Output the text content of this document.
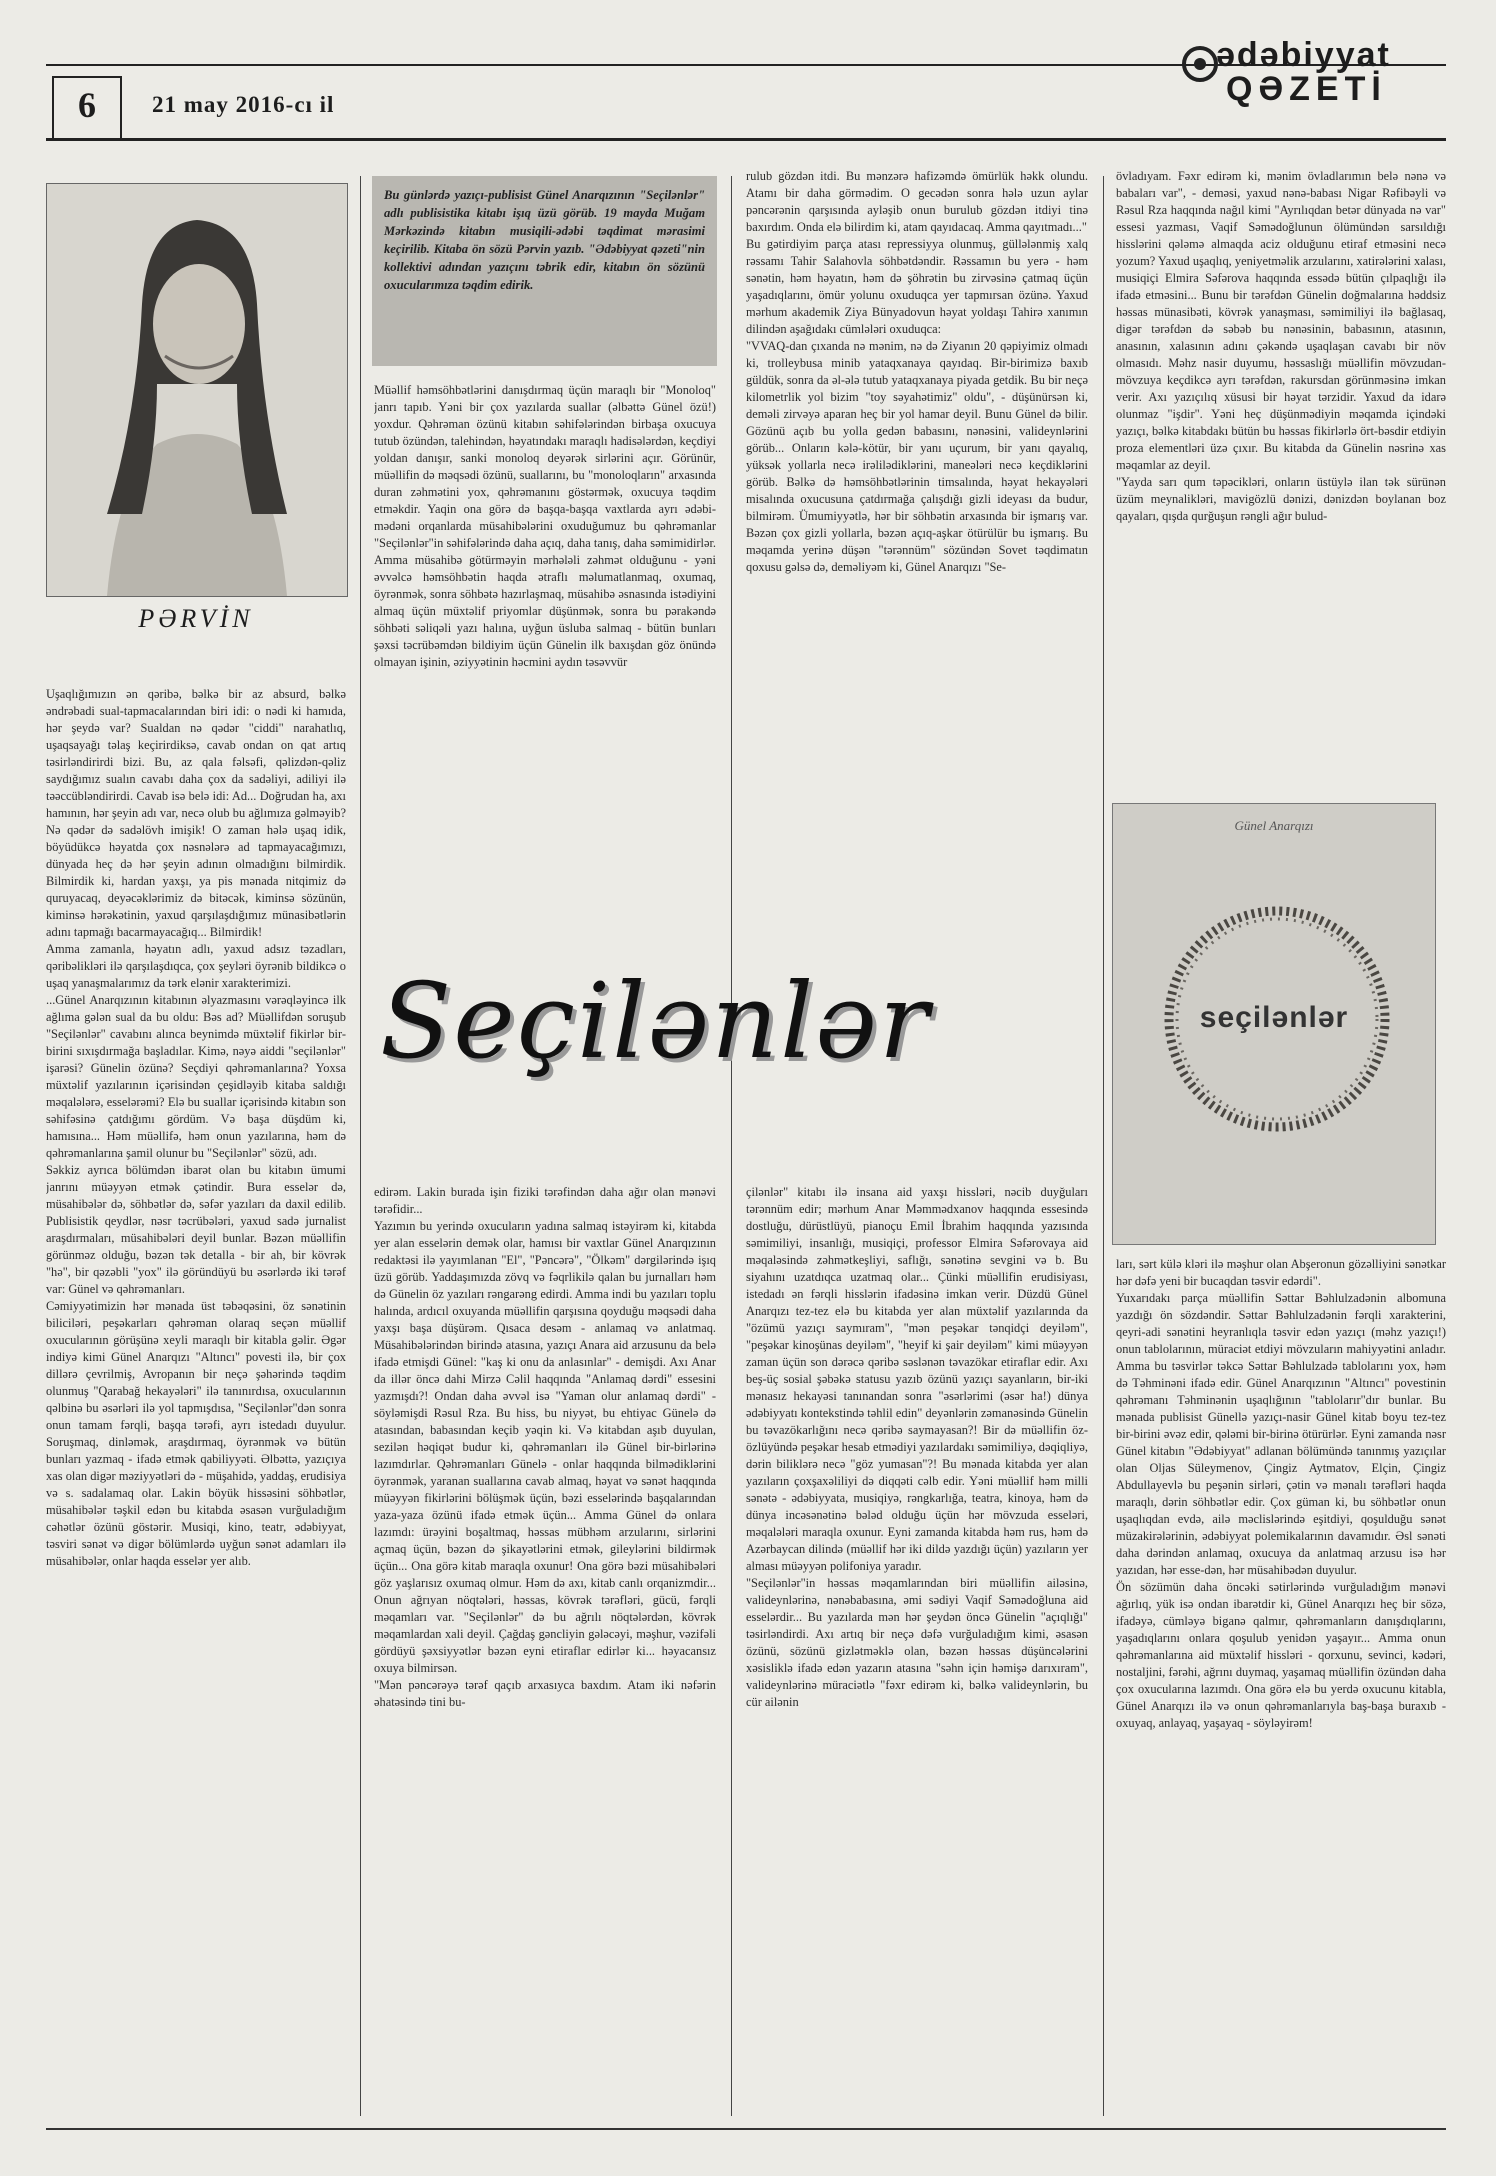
6	21 may 2016-cı il
ədəbiyyat
QƏZETİ
PƏRVİN

Bu günlərdə yazıçı-publisist Günel Anarqızının "Seçilənlər" adlı publisistika kitabı işıq üzü görüb. 19 mayda Muğam Mərkəzində kitabın musiqili-ədəbi təqdimat mərasimi keçirilib. Kitaba ön sözü Pərvin yazıb. "Ədəbiyyat qəzeti"nin kollektivi adından yazıçını təbrik edir, kitabın ön sözünü oxucularımıza təqdim edirik.

Uşaqlığımızın ən qəribə, bəlkə bir az absurd, bəlkə əndrəbadi sual-tapmacalarından biri idi: o nədi ki hamıda, hər şeydə var? Sualdan nə qədər "ciddi" narahatlıq, uşaqsayağı təlaş keçirirdiksə, cavab ondan on qat artıq təsirləndirirdi bizi. Bu, az qala fəlsəfi, qəlizdən-qəliz saydığımız sualın cavabı daha çox da sadəliyi, adiliyi ilə təəccübləndirirdi. Cavab isə belə idi: Ad... Doğrudan ha, axı hamının, hər şeyin adı var, necə olub bu ağlımıza gəlməyib? Nə qədər də sadəlövh imişik! O zaman hələ uşaq idik, böyüdükcə həyatda çox nəsnələrə ad tapmayacağımızı, dünyada heç də hər şeyin adının olmadığını bilmirdik. Bilmirdik ki, hardan yaxşı, ya pis mənada nitqimiz də quruyacaq, deyəcəklərimiz də bitəcək, kiminsə sözünün, kiminsə hərəkətinin, yaxud qarşılaşdığımız münasibətlərin adını tapmağı bacarmayacağıq... Bilmirdik!
Amma zamanla, həyatın adlı, yaxud adsız təzadları, qəribəlikləri ilə qarşılaşdıqca, çox şeyləri öyrənib bildikcə o uşaq yanaşmalarımız da tərk elənir xarakterimizi.
...Günel Anarqızının kitabının əlyazmasını vərəqləyincə ilk ağlıma gələn sual da bu oldu: Bəs ad? Müəllifdən soruşub "Seçilənlər" cavabını alınca beynimdə müxtəlif fikirlər bir-birini sıxışdırmağa başladılar. Kimə, nəyə aiddi "seçilənlər" işarəsi? Günelin özünə? Seçdiyi qəhrəmanlarına? Yoxsa müxtəlif yazılarının içərisindən çeşidləyib kitaba saldığı məqalələrə, esselərəmi? Elə bu suallar içərisində kitabın son səhifəsinə çatdığımı gördüm. Və başa düşdüm ki, hamısına... Həm müəllifə, həm onun yazılarına, həm də qəhrəmanlarına şamil olunur bu "Seçilənlər" sözü, adı.
Səkkiz ayrıca bölümdən ibarət olan bu kitabın ümumi janrını müəyyən etmək çətindir. Bura esselər də, müsahibələr də, söhbətlər də, səfər yazıları da daxil edilib. Publisistik qeydlər, nəsr təcrübələri, yaxud sadə jurnalist araşdırmaları, müsahibələri deyil bunlar. Bəzən müəllifin görünməz olduğu, bəzən tək detalla - bir ah, bir kövrək "hə", bir qəzəbli "yox" ilə göründüyü bu əsərlərdə iki tərəf var: Günel və qəhrəmanları.
Cəmiyyətimizin hər mənada üst təbəqəsini, öz sənətinin biliciləri, peşəkarları qəhrəman olaraq seçən müəllif oxucularının görüşünə xeyli maraqlı bir kitabla gəlir. Əgər indiyə kimi Günel Anarqızı "Altıncı" povesti ilə, bir çox dillərə çevrilmiş, Avropanın bir neçə şəhərində təqdim olunmuş "Qarabağ hekayələri" ilə tanınırdısa, oxucularının qəlbinə bu əsərləri ilə yol tapmışdısa, "Seçilənlər"dən sonra onun tamam fərqli, başqa tərəfi, ayrı istedadı duyulur. Soruşmaq, dinləmək, araşdırmaq, öyrənmək və bütün bunları yazmaq - ifadə etmək qabiliyyəti. Əlbəttə, yazıçıya xas olan digər məziyyətləri də - müşahidə, yaddaş, erudisiya və s. sadalamaq olar. Lakin böyük hissəsini söhbətlər, müsahibələr təşkil edən bu kitabda əsasən vurğuladığım cəhətlər özünü göstərir. Musiqi, kino, teatr, ədəbiyyat, təsviri sənət və digər bölümlərdə uyğun sənət adamları ilə müsahibələr, onlar haqda esselər yer alıb.

Müəllif həmsöhbətlərini danışdırmaq üçün maraqlı bir "Monoloq" janrı tapıb. Yəni bir çox yazılarda suallar (əlbəttə Günel özü!) yoxdur. Qəhrəman özünü kitabın səhifələrindən birbaşa oxucuya tutub özündən, talehindən, həyatındakı maraqlı hadisələrdən, keçdiyi yoldan danışır, sanki monoloq deyərək sirlərini açır. Görünür, müəllifin də məqsədi özünü, suallarını, bu "monoloqların" arxasında duran zəhmətini yox, qəhrəmanını göstərmək, oxucuya təqdim etməkdir. Yaqin ona görə də başqa-başqa vaxtlarda ayrı ədəbi-mədəni orqanlarda müsahibələrini oxuduğumuz bu qəhrəmanlar "Seçilənlər"in səhifələrində daha açıq, daha tanış, daha səmimidirlər. Amma müsahibə götürməyin mərhələli zəhmət olduğunu - yəni əvvəlcə həmsöhbətin haqda ətraflı məlumatlanmaq, oxumaq, öyrənmək, sonra söhbətə hazırlaşmaq, müsahibə əsnasında istədiyini almaq üçün müxtəlif priyomlar düşünmək, sonra bu pərakəndə söhbəti səliqəli yazı halına, uyğun üsluba salmaq - bütün bunları şəxsi təcrübəmdən bildiyim üçün Günelin ilk baxışdan göz önündə olmayan işinin, əziyyətinin həcmini aydın təsəvvür

edirəm. Lakin burada işin fiziki tərəfindən daha ağır olan mənəvi tərəfidir...
Yazımın bu yerində oxucuların yadına salmaq istəyirəm ki, kitabda yer alan esselərin demək olar, hamısı bir vaxtlar Günel Anarqızının redaktəsi ilə yayımlanan "El", "Pəncərə", "Ölkəm" dərgilərində işıq üzü görüb. Yaddaşımızda zövq və fəqrlikilə qalan bu jurnalları həm də Günelin öz yazıları rəngarəng edirdi. Amma indi bu yazıları toplu halında, ardıcıl oxuyanda müəllifin qarşısına qoyduğu məqsədi daha yaxşı başa düşürəm. Qısaca desəm - anlamaq və anlatmaq. Müsahibələrindən birində atasına, yazıçı Anara aid arzusunu da belə ifadə etmişdi Günel: "kaş ki onu da anlasınlar" - demişdi. Axı Anar da illər öncə dahi Mirzə Cəlil haqqında "Anlamaq dərdi" essesini yazmışdı?! Ondan daha əvvəl isə "Yaman olur anlamaq dərdi" - söyləmişdi Rəsul Rza. Bu hiss, bu niyyət, bu ehtiyac Günelə də atasından, babasından keçib yəqin ki. Və kitabdan aşıb duyulan, sezilən həqiqət budur ki, qəhrəmanları ilə Günel bir-birlərinə lazımdırlar. Qəhrəmanları Günelə - onlar haqqında bilmədiklərini öyrənmək, yaranan suallarına cavab almaq, həyat və sənət haqqında müəyyən fikirlərini bölüşmək üçün, bəzi esselərində başqalarından yaza-yaza özünü ifadə etmək üçün... Amma Günel də onlara lazımdı: ürəyini boşaltmaq, həssas mübhəm arzularını, sirlərini açmaq üçün, bəzən də şikayətlərini etmək, gileylərini bildirmək üçün... Ona görə kitab maraqla oxunur! Ona görə bəzi müsahibələri göz yaşlarısız oxumaq olmur. Həm də axı, kitab canlı orqanizmdir... Onun ağrıyan nöqtələri, həssas, kövrək tərəfləri, gücü, fərqli məqamları var. "Seçilənlər" də bu ağrılı nöqtələrdən, kövrək məqamlardan xali deyil. Çağdaş gəncliyin gələcəyi, məşhur, vəzifəli gördüyü şəxsiyyətlər bəzən eyni etiraflar edirlər ki... həyacansız oxuya bilmirsən.
"Mən pəncərəyə tərəf qaçıb arxasıyca baxdım. Atam iki nəfərin əhatəsində tini bu-

rulub gözdən itdi. Bu mənzərə hafizəmdə ömürlük həkk olundu. Atamı bir daha görmədim. O gecədən sonra hələ uzun aylar pəncərənin qarşısında ayləşib onun burulub gözdən itdiyi tinə baxırdım. Onda elə bilirdim ki, atam qayıdacaq. Amma qayıtmadı..."
Bu gətirdiyim parça atası repressiyya olunmuş, güllələnmiş xalq rəssamı Tahir Salahovla söhbətdəndir. Rəssamın bu yerə - həm sənətin, həm həyatın, həm də şöhrətin bu zirvəsinə çatmaq üçün yaşadıqlarını, ömür yolunu oxuduqca yer tapmırsan özünə. Yaxud mərhum akademik Ziya Bünyadovun həyat yoldaşı Tahirə xanımın dilindən aşağıdakı cümlələri oxuduqca:
"VVAQ-dan çıxanda nə mənim, nə də Ziyanın 20 qəpiyimiz olmadı ki, trolleybusa minib yataqxanaya qayıdaq. Bir-birimizə baxıb güldük, sonra da əl-ələ tutub yataqxanaya piyada getdik. Bu bir neçə kilometrlik yol bizim "toy səyahətimiz" oldu", - düşünürsən ki, deməli zirvəyə aparan heç bir yol hamar deyil. Bunu Günel də bilir. Gözünü açıb bu yolla gedən babasını, nənəsini, valideynlərini görüb... Onların kələ-kötür, bir yanı uçurum, bir yanı qayalıq, yüksək yollarla necə irəlilədiklərini, maneələri necə keçdiklərini görüb. Bəlkə də həmsöhbətlərinin timsalında, həyat hekayələri misalında oxucusuna çatdırmağa çalışdığı gizli ideyası da budur, bilmirəm. Ümumiyyətlə, hər bir söhbətin arxasında bir işmarış var. Bəzən çox gizli yollarla, bəzən açıq-aşkar ötürülür bu işmarış. Bu məqamda yerinə düşən "tərənnüm" sözündən Sovet təqdimatın qoxusu gəlsə də, deməliyəm ki, Günel Anarqızı "Se-

çilənlər" kitabı ilə insana aid yaxşı hissləri, nəcib duyğuları tərənnüm edir; mərhum Anar Məmmədxanov haqqında essesində dostluğu, dürüstlüyü, pianoçu Emil İbrahim haqqında yazısında səmimiliyi, insanlığı, musiqiçi, professor Elmira Səfərovaya aid məqaləsində zəhmətkeşliyi, saflığı, sənətinə sevgini və b. Bu siyahını uzatdıqca uzatmaq olar... Çünki müəllifin erudisiyası, istedadı ən fərqli hisslərin ifadəsinə imkan verir. Düzdü Günel Anarqızı tez-tez elə bu kitabda yer alan müxtəlif yazılarında da "özümü yazıçı saymıram", "mən peşəkar tənqidçi deyiləm", "peşəkar kinoşünas deyiləm", "heyif ki şair deyiləm" kimi müəyyən zaman üçün son dərəcə qəribə səslənən təvazökar etiraflar edir. Axı beş-üç sosial şəbəkə statusu yazıb özünü yazıçı sayanların, bir-iki mənasız hekayəsi tanınandan sonra "əsərlərimi (əsər ha!) dünya ədəbiyyatı kontekstində təhlil edin" deyənlərin zəmanəsində Günelin bu təvazökarlığını necə qəribə saymayasan?! Bir də müəllifin öz-özlüyündə peşəkar hesab etmədiyi yazılardakı səmimiliyə, dəqiqliyə, dərin biliklərə necə "göz yumasan"?! Bu mənada kitabda yer alan yazıların çoxşaxəliliyi də diqqəti cəlb edir. Yəni müəllif həm milli sənətə - ədəbiyyata, musiqiyə, rəngkarlığa, teatra, kinoya, həm də dünya incəsənətinə bələd olduğu üçün hər mövzuda esseləri, məqalələri maraqla oxunur. Eyni zamanda kitabda həm rus, həm də Azərbaycan dilində (müəllif hər iki dildə yazdığı üçün) yazıların yer alması müəyyən polifoniya yaradır.
"Seçilənlər"in həssas məqamlarından biri müəllifin ailəsinə, valideynlərinə, nənəbabasına, əmi sədiyi Vaqif Səmədoğluna aid esselərdir... Bu yazılarda mən hər şeydən öncə Günelin "açıqlığı" təsirləndirdi. Axı artıq bir neçə dəfə vurğuladığım kimi, əsasən özünü, sözünü gizlətməklə olan, bəzən həssas düşüncələrini xəsisliklə ifadə edən yazarın atasına "səhn için həmişə darıxıram", valideynlərinə müraciətlə "fəxr edirəm ki, bəlkə valideynlərin, bu cür ailənin

övladıyam. Fəxr edirəm ki, mənim övladlarımın belə nənə və babaları var", - deməsi, yaxud nənə-babası Nigar Rəfibəyli və Rəsul Rza haqqında nağıl kimi "Ayrılıqdan betər dünyada nə var" essesi yazması, Vaqif Səmədoğlunun ölümündən sarsıldığı hisslərini qələmə almaqda aciz olduğunu etiraf etməsini necə yozum? Yaxud uşaqlıq, yeniyetməlik arzularını, xatirələrini xalası, musiqiçi Elmira Səfərova haqqında essədə bütün çılpaqlığı ilə ifadə etməsini... Bunu bir tərəfdən Günelin doğmalarına həddsiz həssas münasibəti, kövrək yanaşması, səmimiliyi ilə bağlasaq, digər tərəfdən də səbəb bu nənəsinin, babasının, atasının, anasının, xalasının adını çəkəndə uşaqlaşan cavabı bir növ olmasıdı. Məhz nasir duyumu, həssaslığı müəllifin mövzudan-mövzuya keçdikcə ayrı tərəfdən, rakursdan görünməsinə imkan verir. Axı yazıçılıq xüsusi bir həyat tərzidir. Yaxud da idarə olunmaz "işdir". Yəni heç düşünmədiyin məqamda içindəki yazıçı, bəlkə kitabdakı bütün bu həssas fikirlərlə ört-bəsdir etdiyin proza elementləri üzə çıxır. Bu kitabda da Günelin nəsrinə xas məqamlar az deyil.
"Yayda sarı qum təpəcikləri, onların üstüylə ilan tək sürünən üzüm meynalikləri, mavigözlü dənizi, dənizdən boylanan boz qayaları, qışda qurğuşun rəngli ağır bulud-

ları, sərt külə kləri ilə məşhur olan Abşeronun gözəlliyini sənətkar hər dəfə yeni bir bucaqdan təsvir edərdi".
Yuxarıdakı parça müəllifin Səttar Bəhlulzadənin albomuna yazdığı ön sözdəndir. Səttar Bəhlulzadənin fərqli xarakterini, qeyri-adi sənətini heyranlıqla təsvir edən yazıçı (məhz yazıçı!) onun tablolarının, müraciət etdiyi mövzuların mahiyyətini anladır. Amma bu təsvirlər təkcə Səttar Bəhlulzadə tablolarını yox, həm də Təhminəni ifadə edir. Günel Anarqızının "Altıncı" povestinin qəhrəmanı Təhminənin uşaqlığının "tablolarır"dır bunlar. Bu mənada publisist Günellə yazıçı-nasir Günel kitab boyu tez-tez bir-birini əvəz edir, qələmi bir-birinə ötürürlər. Eyni zamanda nəsr Günel kitabın "Ədəbiyyat" adlanan bölümündə tanınmış yazıçılar olan Oljas Süleymenov, Çingiz Aytmatov, Elçin, Çingiz Abdullayevlə bu peşənin sirləri, çətin və mənalı tərəfləri haqda maraqlı, dərin söhbətlər edir. Çox güman ki, bu söhbətlər onun uşaqlıqdan evdə, ailə məclislərində eşitdiyi, qoşulduğu sənət müzakirələrinin, ədəbiyyat polemikalarının davamıdır. Əsl sənəti daha dərindən anlamaq, oxucuya da anlatmaq arzusu isə hər yazıdan, hər esse-dən, hər müsahibədən duyulur.
Ön sözümün daha öncəki sətirlərində vurğuladığım mənəvi ağırlıq, yük isə ondan ibarətdir ki, Günel Anarqızı heç bir sözə, ifadəyə, cümləyə biganə qalmır, qəhrəmanların danışdıqlarını, yaşadıqlarını onlara qoşulub yenidən yaşayır... Amma onun qəhrəmanlarına aid müxtəlif hissləri - qorxunu, sevinci, kədəri, nostaljini, fərəhi, ağrını duymaq, yaşamaq müəllifin özündən daha çox oxucularına lazımdı. Ona görə elə bu yerdə oxucunu kitabla, Günel Anarqızı ilə və onun qəhrəmanlarıyla baş-başa buraxıb - oxuyaq, anlayaq, yaşayaq - söyləyirəm!

Seçilənlər
Günel Anarqızı
seçilənlər
